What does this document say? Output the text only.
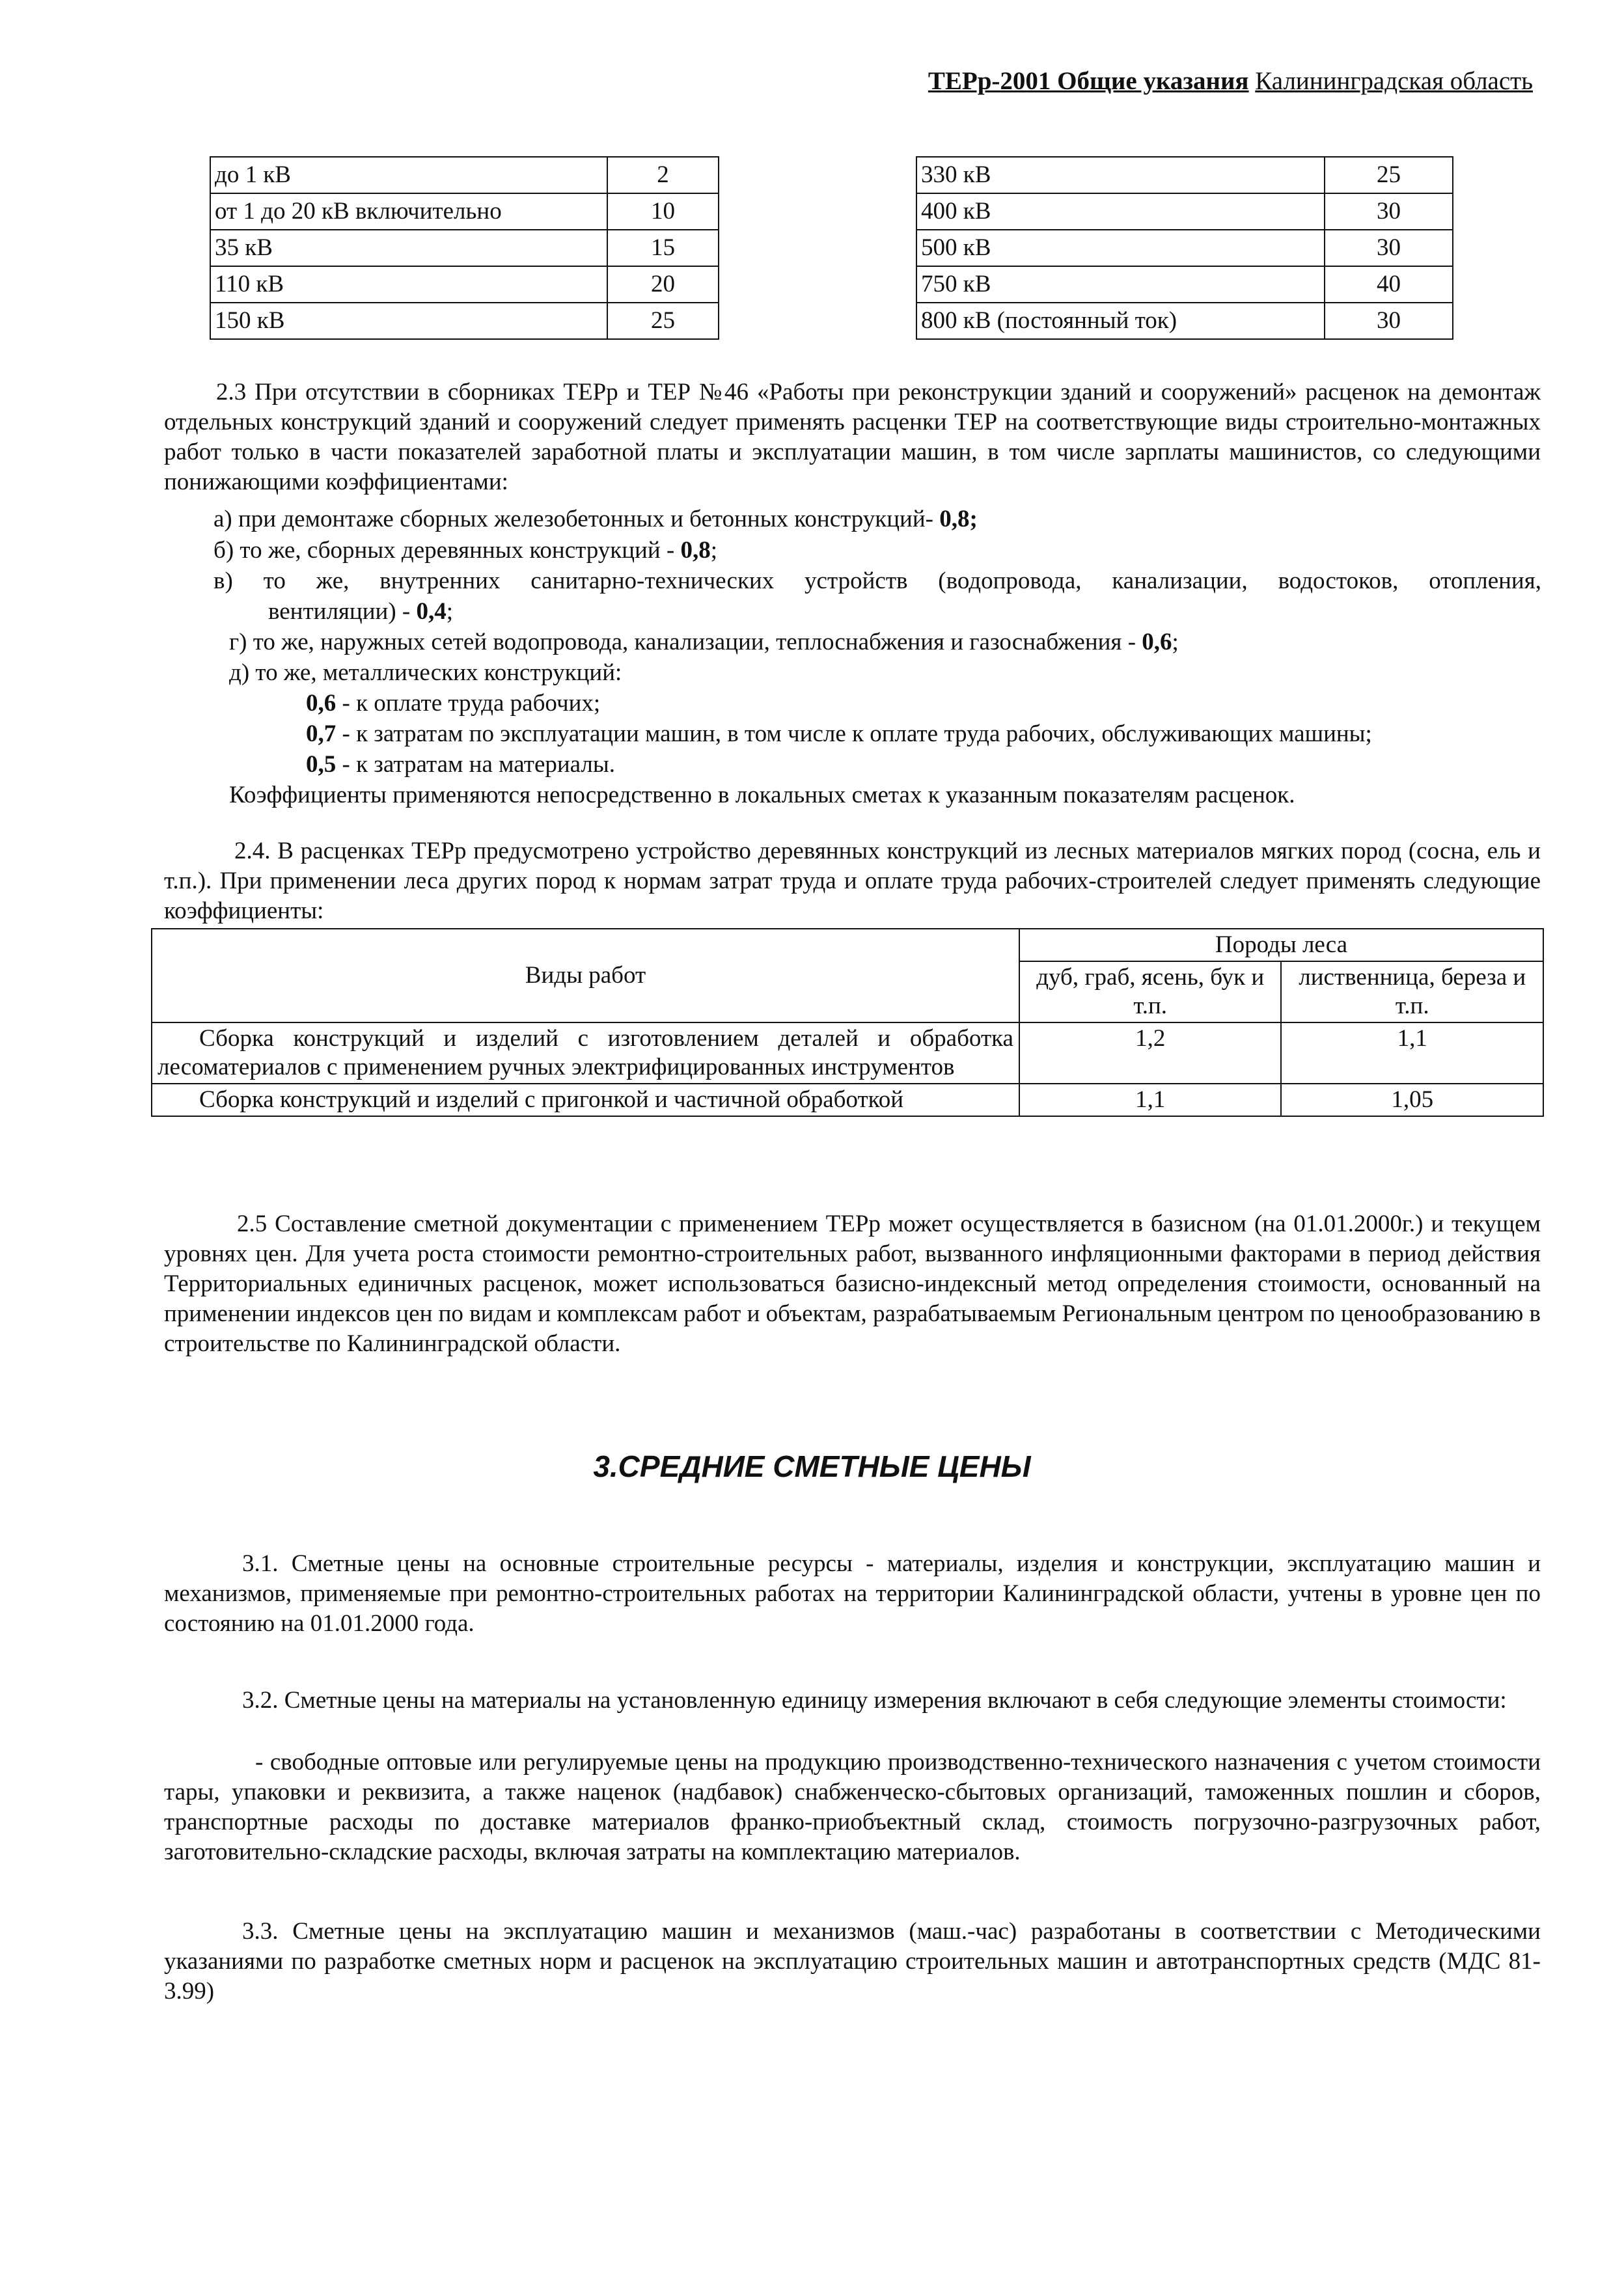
ТЕРр-2001 Общие указания Калининградская область
до 1 кВ	2
от 1 до 20 кВ включительно	10
35 кВ	15
110 кВ	20
150 кВ	25
330 кВ	25
400 кВ	30
500 кВ	30
750 кВ	40
800 кВ (постоянный ток)	30
2.3 При отсутствии в сборниках ТЕРр и ТЕР №46 «Работы при реконструкции зданий и сооружений» расценок на демонтаж отдельных конструкций зданий и сооружений следует применять расценки ТЕР на соответствующие виды строительно-монтажных работ только в части показателей заработной платы и эксплуатации машин, в том числе зарплаты машинистов, со следующими понижающими коэффициентами:
а) при демонтаже сборных железобетонных и бетонных конструкций- 0,8;
б) то же, сборных деревянных конструкций - 0,8;
в) то же, внутренних санитарно-технических устройств (водопровода, канализации, водостоков, отопления,
вентиляции) - 0,4;
г) то же, наружных сетей водопровода, канализации, теплоснабжения и газоснабжения - 0,6;
д) то же, металлических конструкций:
0,6 - к оплате труда рабочих;
0,7 - к затратам по эксплуатации машин, в том числе к оплате труда рабочих, обслуживающих машины;
0,5 - к затратам на материалы.
Коэффициенты применяются непосредственно в локальных сметах к указанным показателям расценок.
2.4. В расценках ТЕРр предусмотрено устройство деревянных конструкций из лесных материалов мягких пород (сосна, ель и т.п.). При применении леса других пород к нормам затрат труда и оплате труда рабочих-строителей следует применять следующие коэффициенты:
Виды работ	Породы леса	
	дуб, граб, ясень, бук и т.п.	лиственница, береза и т.п.
Сборка конструкций и изделий с изготовлением деталей и обработка лесоматериалов с применением ручных электрифицированных инструментов	1,2	1,1
Сборка конструкций и изделий с пригонкой и частичной обработкой	1,1	1,05
2.5 Составление сметной документации с применением ТЕРр может осуществляется в базисном (на 01.01.2000г.) и текущем уровнях цен. Для учета роста стоимости ремонтно-строительных работ, вызванного инфляционными факторами в период действия Территориальных единичных расценок, может использоваться базисно-индексный метод определения стоимости, основанный на применении индексов цен по видам и комплексам работ и объектам, разрабатываемым Региональным центром по ценообразованию в строительстве по Калининградской области.
3.СРЕДНИЕ СМЕТНЫЕ ЦЕНЫ
3.1. Сметные цены на основные строительные ресурсы - материалы, изделия и конструкции, эксплуатацию машин и механизмов, применяемые при ремонтно-строительных работах на территории Калининградской области, учтены в уровне цен по состоянию на 01.01.2000 года.
3.2. Сметные цены на материалы на установленную единицу измерения включают в себя следующие элементы стоимости:
- свободные оптовые или регулируемые цены на продукцию производственно-технического назначения с учетом стоимости тары, упаковки и реквизита, а также наценок (надбавок) снабженческо-сбытовых организаций, таможенных пошлин и сборов, транспортные расходы по доставке материалов франко-приобъектный склад, стоимость погрузочно-разгрузочных работ, заготовительно-складские расходы, включая затраты на комплектацию материалов.
3.3. Сметные цены на эксплуатацию машин и механизмов (маш.-час) разработаны в соответствии с Методическими указаниями по разработке сметных норм и расценок на эксплуатацию строительных машин и автотранспортных средств (МДС 81-3.99)
